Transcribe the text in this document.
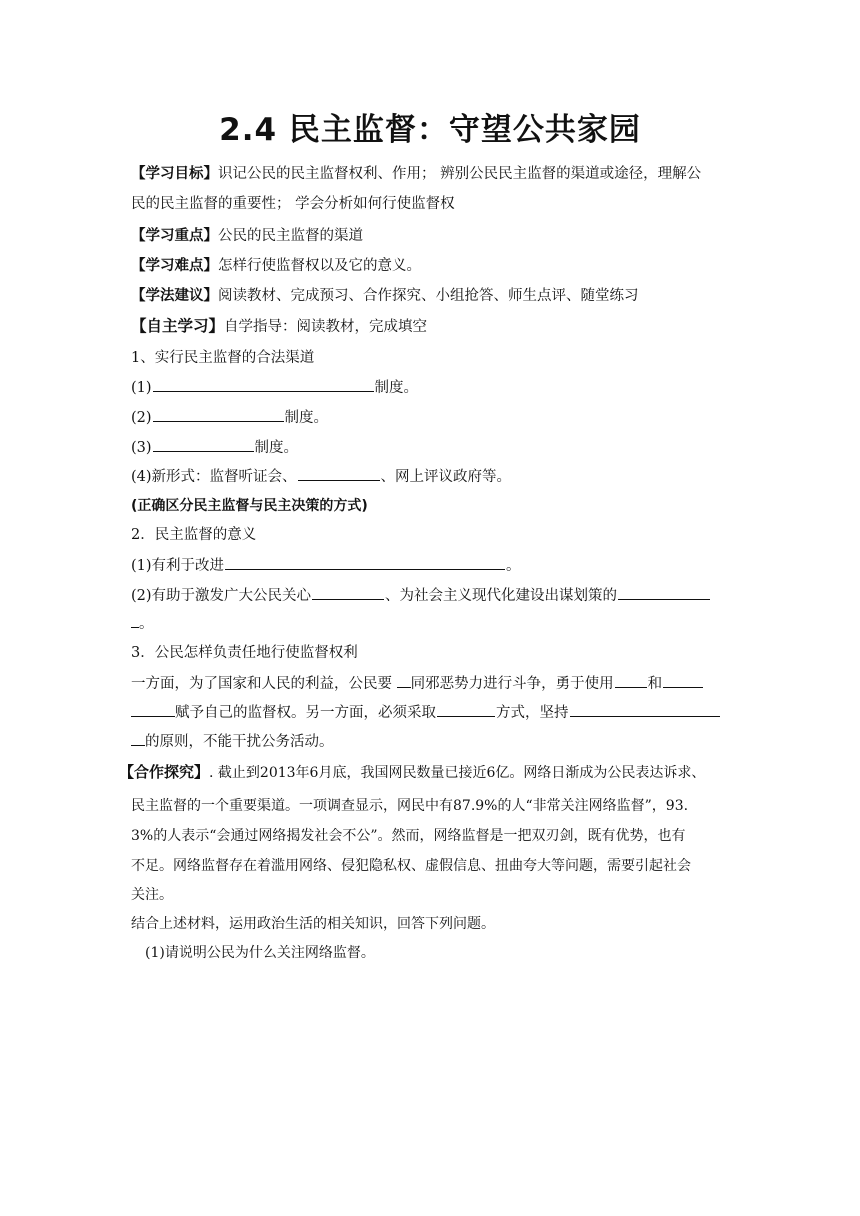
2.4 民主监督：守望公共家园
【学习目标】识记公民的民主监督权利、作用； 辨别公民民主监督的渠道或途径，理解公
民的民主监督的重要性； 学会分析如何行使监督权
【学习重点】公民的民主监督的渠道
【学习难点】怎样行使监督权以及它的意义。
【学法建议】阅读教材、完成预习、合作探究、小组抢答、师生点评、随堂练习
【自主学习】自学指导：阅读教材，完成填空
1、实行民主监督的合法渠道
(1)	制度。
(2)	制度。
(3)	制度。
(4)新形式：监督听证会、	、网上评议政府等。
(正确区分民主监督与民主决策的方式)
2．民主监督的意义
(1)有利于改进	。
(2)有助于激发广大公民关心	、为社会主义现代化建设出谋划策的
。
3．公民怎样负责任地行使监督权利
一方面，为了国家和人民的利益，公民要 同邪恶势力进行斗争，勇于使用 和
赋予自己的监督权。另一方面，必须采取	方式，坚持
的原则，不能干扰公务活动。
【合作探究】. 截止到2013年6月底，我国网民数量已接近6亿。网络日渐成为公民表达诉求、
民主监督的一个重要渠道。一项调查显示，网民中有87.9%的人“非常关注网络监督”，93.
3%的人表示“会通过网络揭发社会不公”。然而，网络监督是一把双刃剑，既有优势，也有
不足。网络监督存在着滥用网络、侵犯隐私权、虚假信息、扭曲夸大等问题，需要引起社会
关注。
结合上述材料，运用政治生活的相关知识，回答下列问题。
(1)请说明公民为什么关注网络监督。
